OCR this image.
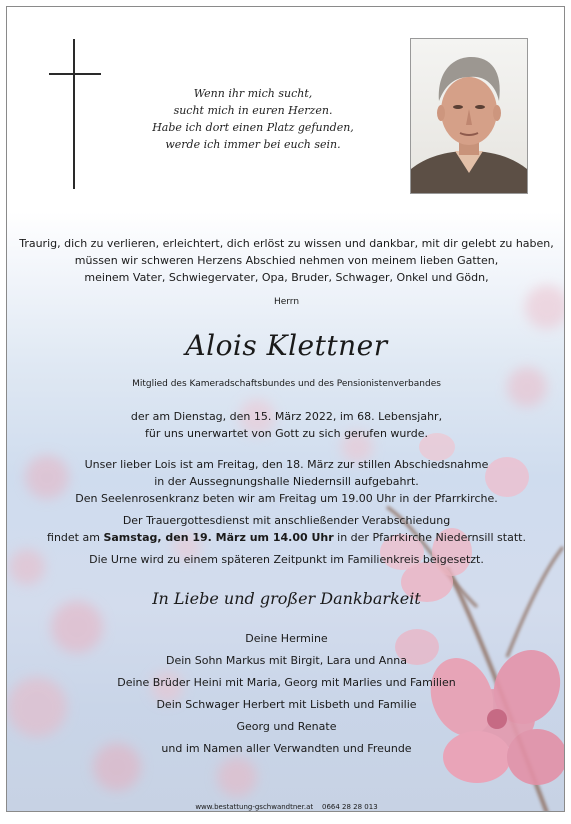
Wenn ihr mich sucht,
sucht mich in euren Herzen.
Habe ich dort einen Platz gefunden,
werde ich immer bei euch sein.
Traurig, dich zu verlieren, erleichtert, dich erlöst zu wissen und dankbar, mit dir gelebt zu haben,
müssen wir schweren Herzens Abschied nehmen von meinem lieben Gatten,
meinem Vater, Schwiegervater, Opa, Bruder, Schwager, Onkel und Gödn,
Herrn
Alois Klettner
Mitglied des Kameradschaftsbundes und des Pensionistenverbandes
der am Dienstag, den 15. März 2022, im 68. Lebensjahr,
für uns unerwartet von Gott zu sich gerufen wurde.
Unser lieber Lois ist am Freitag, den 18. März zur stillen Abschiedsnahme
in der Aussegnungshalle Niedernsill aufgebahrt.
Den Seelenrosenkranz beten wir am Freitag um 19.00 Uhr in der Pfarrkirche.
Der Trauergottesdienst mit anschließender Verabschiedung
findet am Samstag, den 19. März um 14.00 Uhr in der Pfarrkirche Niedernsill statt.
Die Urne wird zu einem späteren Zeitpunkt im Familienkreis beigesetzt.
In Liebe und großer Dankbarkeit
Deine Hermine
Dein Sohn Markus mit Birgit, Lara und Anna
Deine Brüder Heini mit Maria, Georg mit Marlies und Familien
Dein Schwager Herbert mit Lisbeth und Familie
Georg und Renate
und im Namen aller Verwandten und Freunde
www.bestattung-gschwandtner.at    0664 28 28 013
